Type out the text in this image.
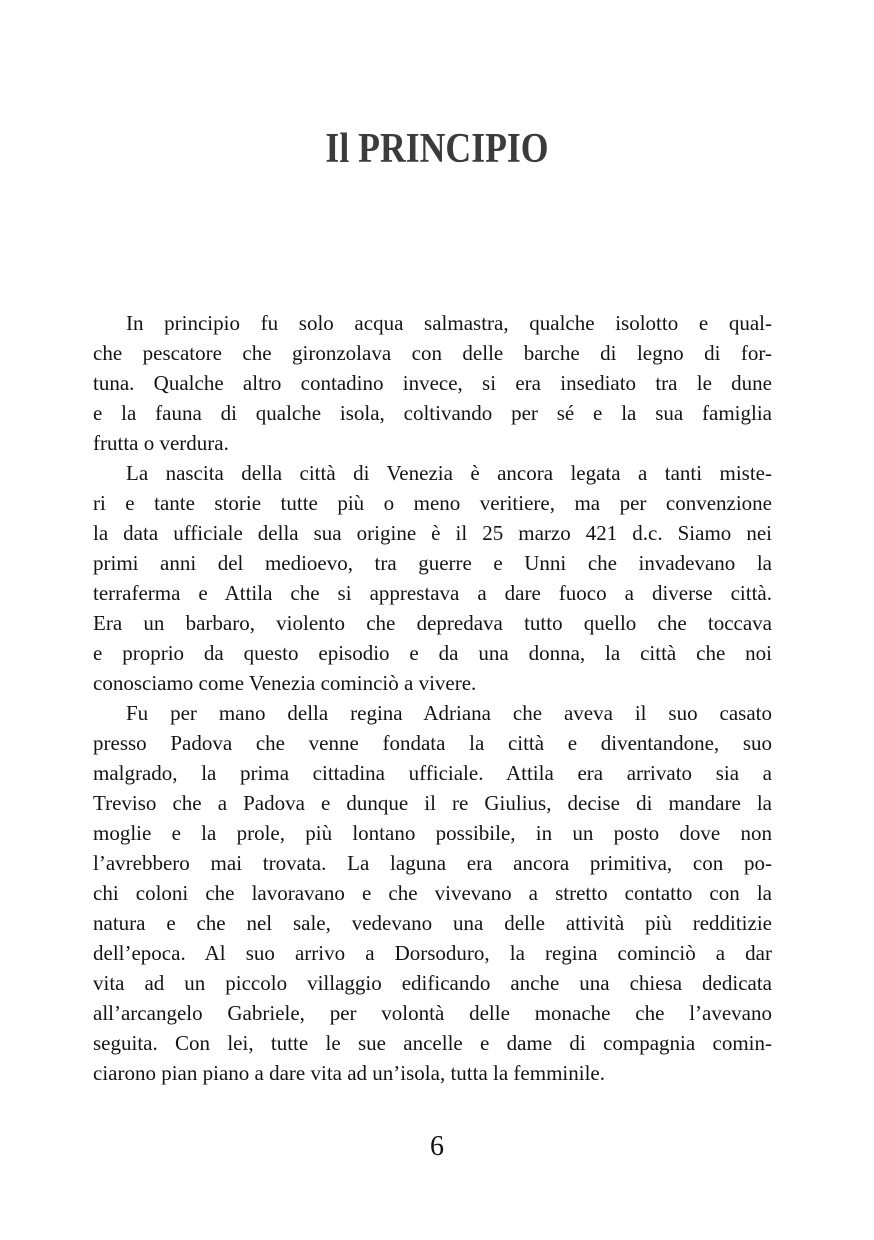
Il PRINCIPIO
In principio fu solo acqua salmastra, qualche isolotto e qual-
che pescatore che gironzolava con delle barche di legno di for-
tuna. Qualche altro contadino invece, si era insediato tra le dune
e la fauna di qualche isola, coltivando per sé e la sua famiglia
frutta o verdura.
La nascita della città di Venezia è ancora legata a tanti miste-
ri e tante storie tutte più o meno veritiere, ma per convenzione
la data ufficiale della sua origine è il 25 marzo 421 d.c. Siamo nei
primi anni del medioevo, tra guerre e Unni che invadevano la
terraferma e Attila che si apprestava a dare fuoco a diverse città.
Era un barbaro, violento che depredava tutto quello che toccava
e proprio da questo episodio e da una donna, la città che noi
conosciamo come Venezia cominciò a vivere.
Fu per mano della regina Adriana che aveva il suo casato
presso Padova che venne fondata la città e diventandone, suo
malgrado, la prima cittadina ufficiale. Attila era arrivato sia a
Treviso che a Padova e dunque il re Giulius, decise di mandare la
moglie e la prole, più lontano possibile, in un posto dove non
l’avrebbero mai trovata. La laguna era ancora primitiva, con po-
chi coloni che lavoravano e che vivevano a stretto contatto con la
natura e che nel sale, vedevano una delle attività più redditizie
dell’epoca. Al suo arrivo a Dorsoduro, la regina cominciò a dar
vita ad un piccolo villaggio edificando anche una chiesa dedicata
all’arcangelo Gabriele, per volontà delle monache che l’avevano
seguita. Con lei, tutte le sue ancelle e dame di compagnia comin-
ciarono pian piano a dare vita ad un’isola, tutta la femminile.
6
